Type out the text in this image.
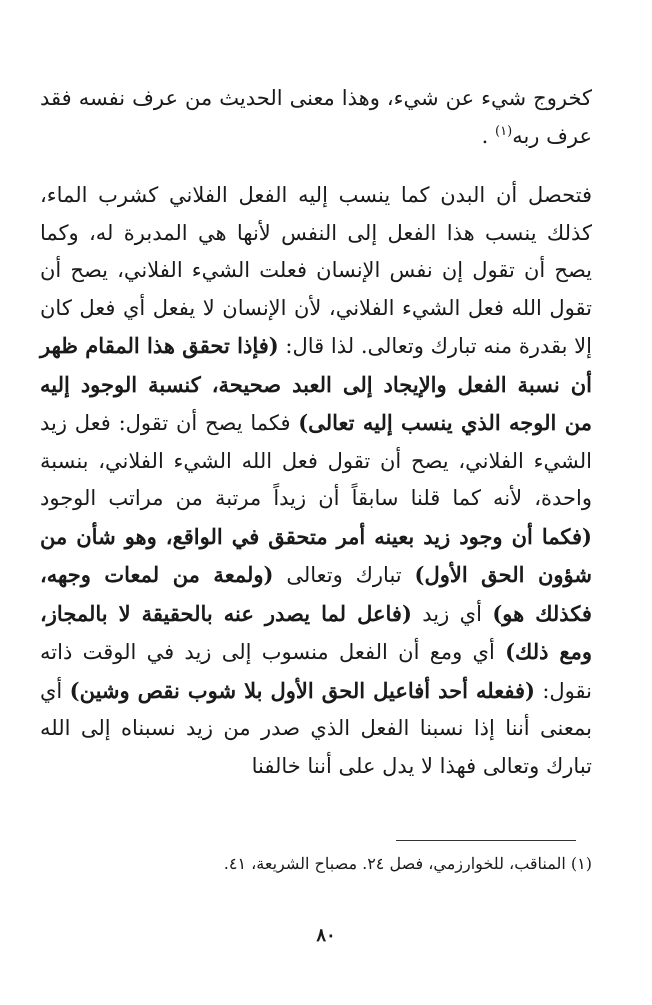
كخروج شيء عن شيء، وهذا معنى الحديث من عرف نفسه فقد عرف ربه$^{(١)}$ .
فتحصل أن البدن كما ينسب إليه الفعل الفلاني كشرب الماء، كذلك ينسب هذا الفعل إلى النفس لأنها هي المدبرة له، وكما يصح أن تقول إن نفس الإنسان فعلت الشيء الفلاني، يصح أن تقول الله فعل الشيء الفلاني، لأن الإنسان لا يفعل أي فعل كان إلا بقدرة منه تبارك وتعالى. لذا قال: (فإذا تحقق هذا المقام ظهر أن نسبة الفعل والإيجاد إلى العبد صحيحة، كنسبة الوجود إليه من الوجه الذي ينسب إليه تعالى) فكما يصح أن تقول: فعل زيد الشيء الفلاني، يصح أن تقول فعل الله الشيء الفلاني، بنسبة واحدة، لأنه كما قلنا سابقاً أن زيداً مرتبة من مراتب الوجود (فكما أن وجود زيد بعينه أمر متحقق في الواقع، وهو شأن من شؤون الحق الأول) تبارك وتعالى (ولمعة من لمعات وجهه، فكذلك هو) أي زيد (فاعل لما يصدر عنه بالحقيقة لا بالمجاز، ومع ذلك) أي ومع أن الفعل منسوب إلى زيد في الوقت ذاته نقول: (ففعله أحد أفاعيل الحق الأول بلا شوب نقص وشين) أي بمعنى أننا إذا نسبنا الفعل الذي صدر من زيد نسبناه إلى الله تبارك وتعالى فهذا لا يدل على أننا خالفنا
(١) المناقب، للخوارزمي، فصل ٢٤. مصباح الشريعة، ٤١.
٨٠
